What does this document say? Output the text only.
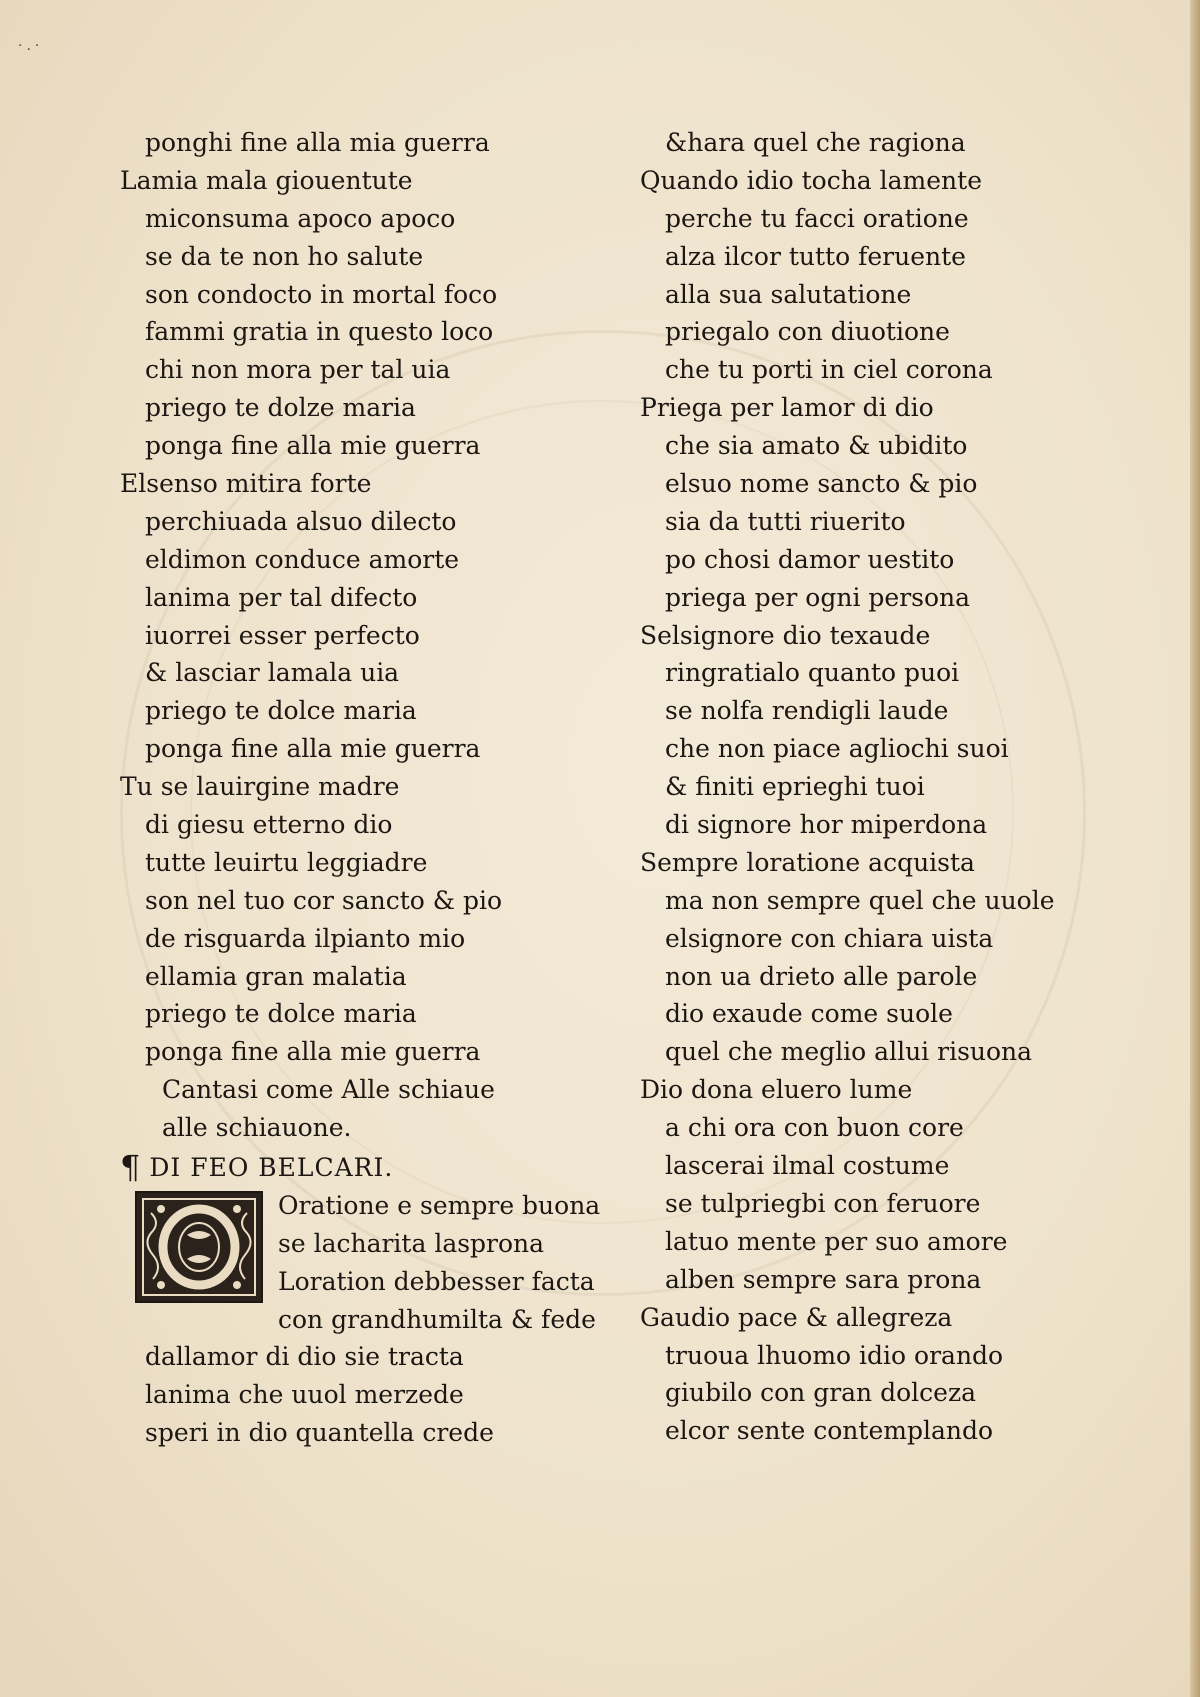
·.·
ponghi fine alla mia guerra
Lamia mala giouentute
miconsuma apoco apoco
se da te non ho salute
son condocto in mortal foco
fammi gratia in questo loco
chi non mora per tal uia
priego te dolze maria
ponga fine alla mie guerra
Elsenso mitira forte
perchiuada alsuo dilecto
eldimon conduce amorte
lanima per tal difecto
iuorrei esser perfecto
& lasciar lamala uia
priego te dolce maria
ponga fine alla mie guerra
Tu se lauirgine madre
di giesu etterno dio
tutte leuirtu leggiadre
son nel tuo cor sancto & pio
de risguarda ilpianto mio
ellamia gran malatia
priego te dolce maria
ponga fine alla mie guerra
Cantasi come Alle schiaue
alle schiauone.
¶ DI FEO BELCARI.
Oratione e sempre buona
se lacharita lasprona
Loration debbesser facta
con grandhumilta & fede
dallamor di dio sie tracta
lanima che uuol merzede
speri in dio quantella crede
&hara quel che ragiona
Quando idio tocha lamente
perche tu facci oratione
alza ilcor tutto feruente
alla sua salutatione
priegalo con diuotione
che tu porti in ciel corona
Priega per lamor di dio
che sia amato & ubidito
elsuo nome sancto & pio
sia da tutti riuerito
po chosi damor uestito
priega per ogni persona
Selsignore dio texaude
ringratialo quanto puoi
se nolfa rendigli laude
che non piace agliochi suoi
& finiti eprieghi tuoi
di signore hor miperdona
Sempre loratione acquista
ma non sempre quel che uuole
elsignore con chiara uista
non ua drieto alle parole
dio exaude come suole
quel che meglio allui risuona
Dio dona eluero lume
a chi ora con buon core
lascerai ilmal costume
se tulpriegbi con feruore
latuo mente per suo amore
alben sempre sara prona
Gaudio pace & allegreza
truoua lhuomo idio orando
giubilo con gran dolceza
elcor sente contemplando
